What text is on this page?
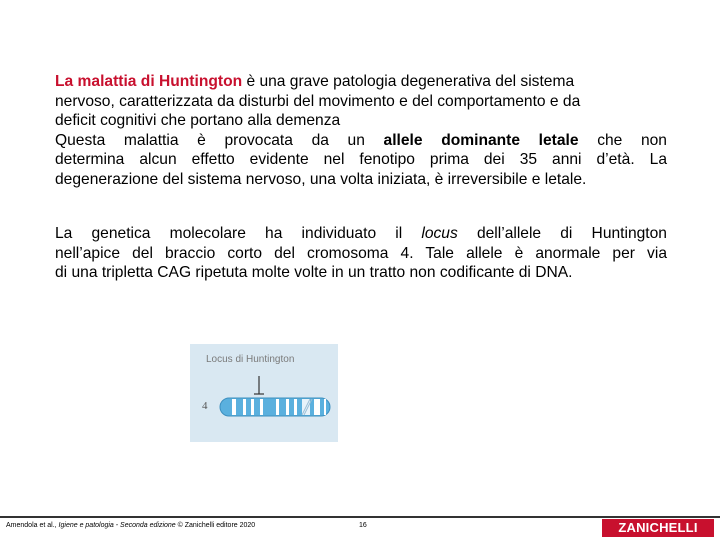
La malattia di Huntington è una grave patologia degenerativa del sistema
nervoso, caratterizzata da disturbi del movimento e del comportamento e da
deficit cognitivi che portano alla demenza
Questa malattia è provocata da un allele dominante letale che non
determina alcun effetto evidente nel fenotipo prima dei 35 anni d’età. La
degenerazione del sistema nervoso, una volta iniziata, è irreversibile e letale.
La genetica molecolare ha individuato il locus dell’allele di Huntington
nell’apice del braccio corto del cromosoma 4. Tale allele è anormale per via
di una tripletta CAG ripetuta molte volte in un tratto non codificante di DNA.
Locus di Huntington
4
Amendola et al., Igiene e patologia - Seconda edizione © Zanichelli editore 2020	16	ZANICHELLI
